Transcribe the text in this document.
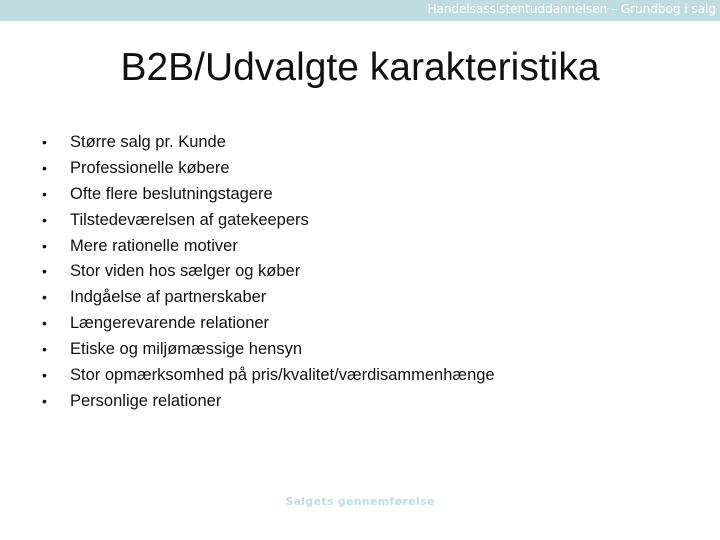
Handelsassistentuddannelsen – Grundbog i salg
B2B/Udvalgte karakteristika
• Større salg pr. Kunde
• Professionelle købere
• Ofte flere beslutningstagere
• Tilstedeværelsen af gatekeepers
• Mere rationelle motiver
• Stor viden hos sælger og køber
• Indgåelse af partnerskaber
• Længerevarende relationer
• Etiske og miljømæssige hensyn
• Stor opmærksomhed på pris/kvalitet/værdisammenhænge
• Personlige relationer
Salgets gennemførelse
